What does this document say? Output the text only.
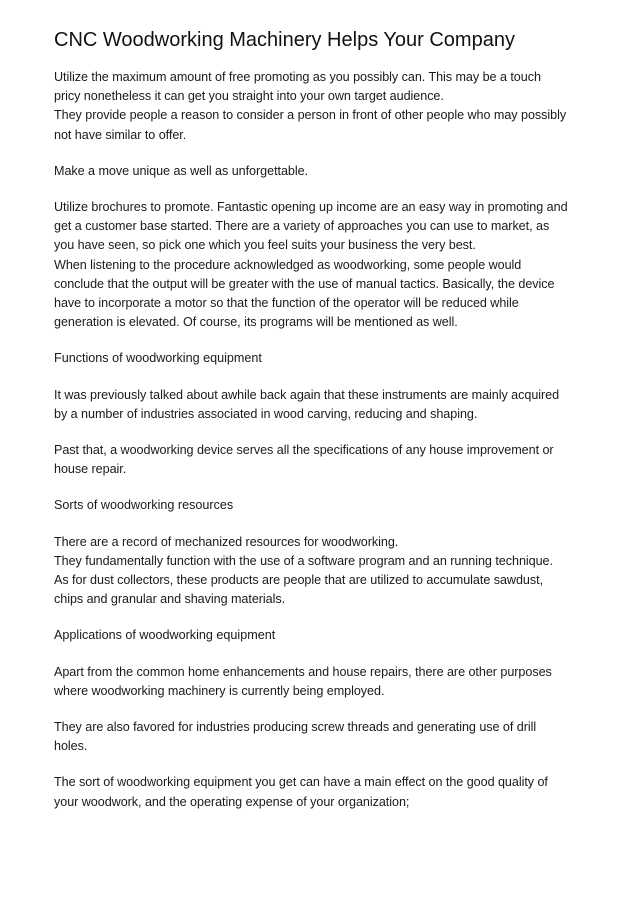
CNC Woodworking Machinery Helps Your Company
Utilize the maximum amount of free promoting as you possibly can. This may be a touch
pricy nonetheless it can get you straight into your own target audience.
They provide people a reason to consider a person in front of other people who may possibly
not have similar to offer.
Make a move unique as well as unforgettable.
Utilize brochures to promote. Fantastic opening up income are an easy way in promoting and
get a customer base started. There are a variety of approaches you can use to market, as
you have seen, so pick one which you feel suits your business the very best.
When listening to the procedure acknowledged as woodworking, some people would
conclude that the output will be greater with the use of manual tactics. Basically, the device
have to incorporate a motor so that the function of the operator will be reduced while
generation is elevated. Of course, its programs will be mentioned as well.
Functions of woodworking equipment
It was previously talked about awhile back again that these instruments are mainly acquired
by a number of industries associated in wood carving, reducing and shaping.
Past that, a woodworking device serves all the specifications of any house improvement or
house repair.
Sorts of woodworking resources
There are a record of mechanized resources for woodworking.
They fundamentally function with the use of a software program and an running technique.
As for dust collectors, these products are people that are utilized to accumulate sawdust,
chips and granular and shaving materials.
Applications of woodworking equipment
Apart from the common home enhancements and house repairs, there are other purposes
where woodworking machinery is currently being employed.
They are also favored for industries producing screw threads and generating use of drill
holes.
The sort of woodworking equipment you get can have a main effect on the good quality of
your woodwork, and the operating expense of your organization;
